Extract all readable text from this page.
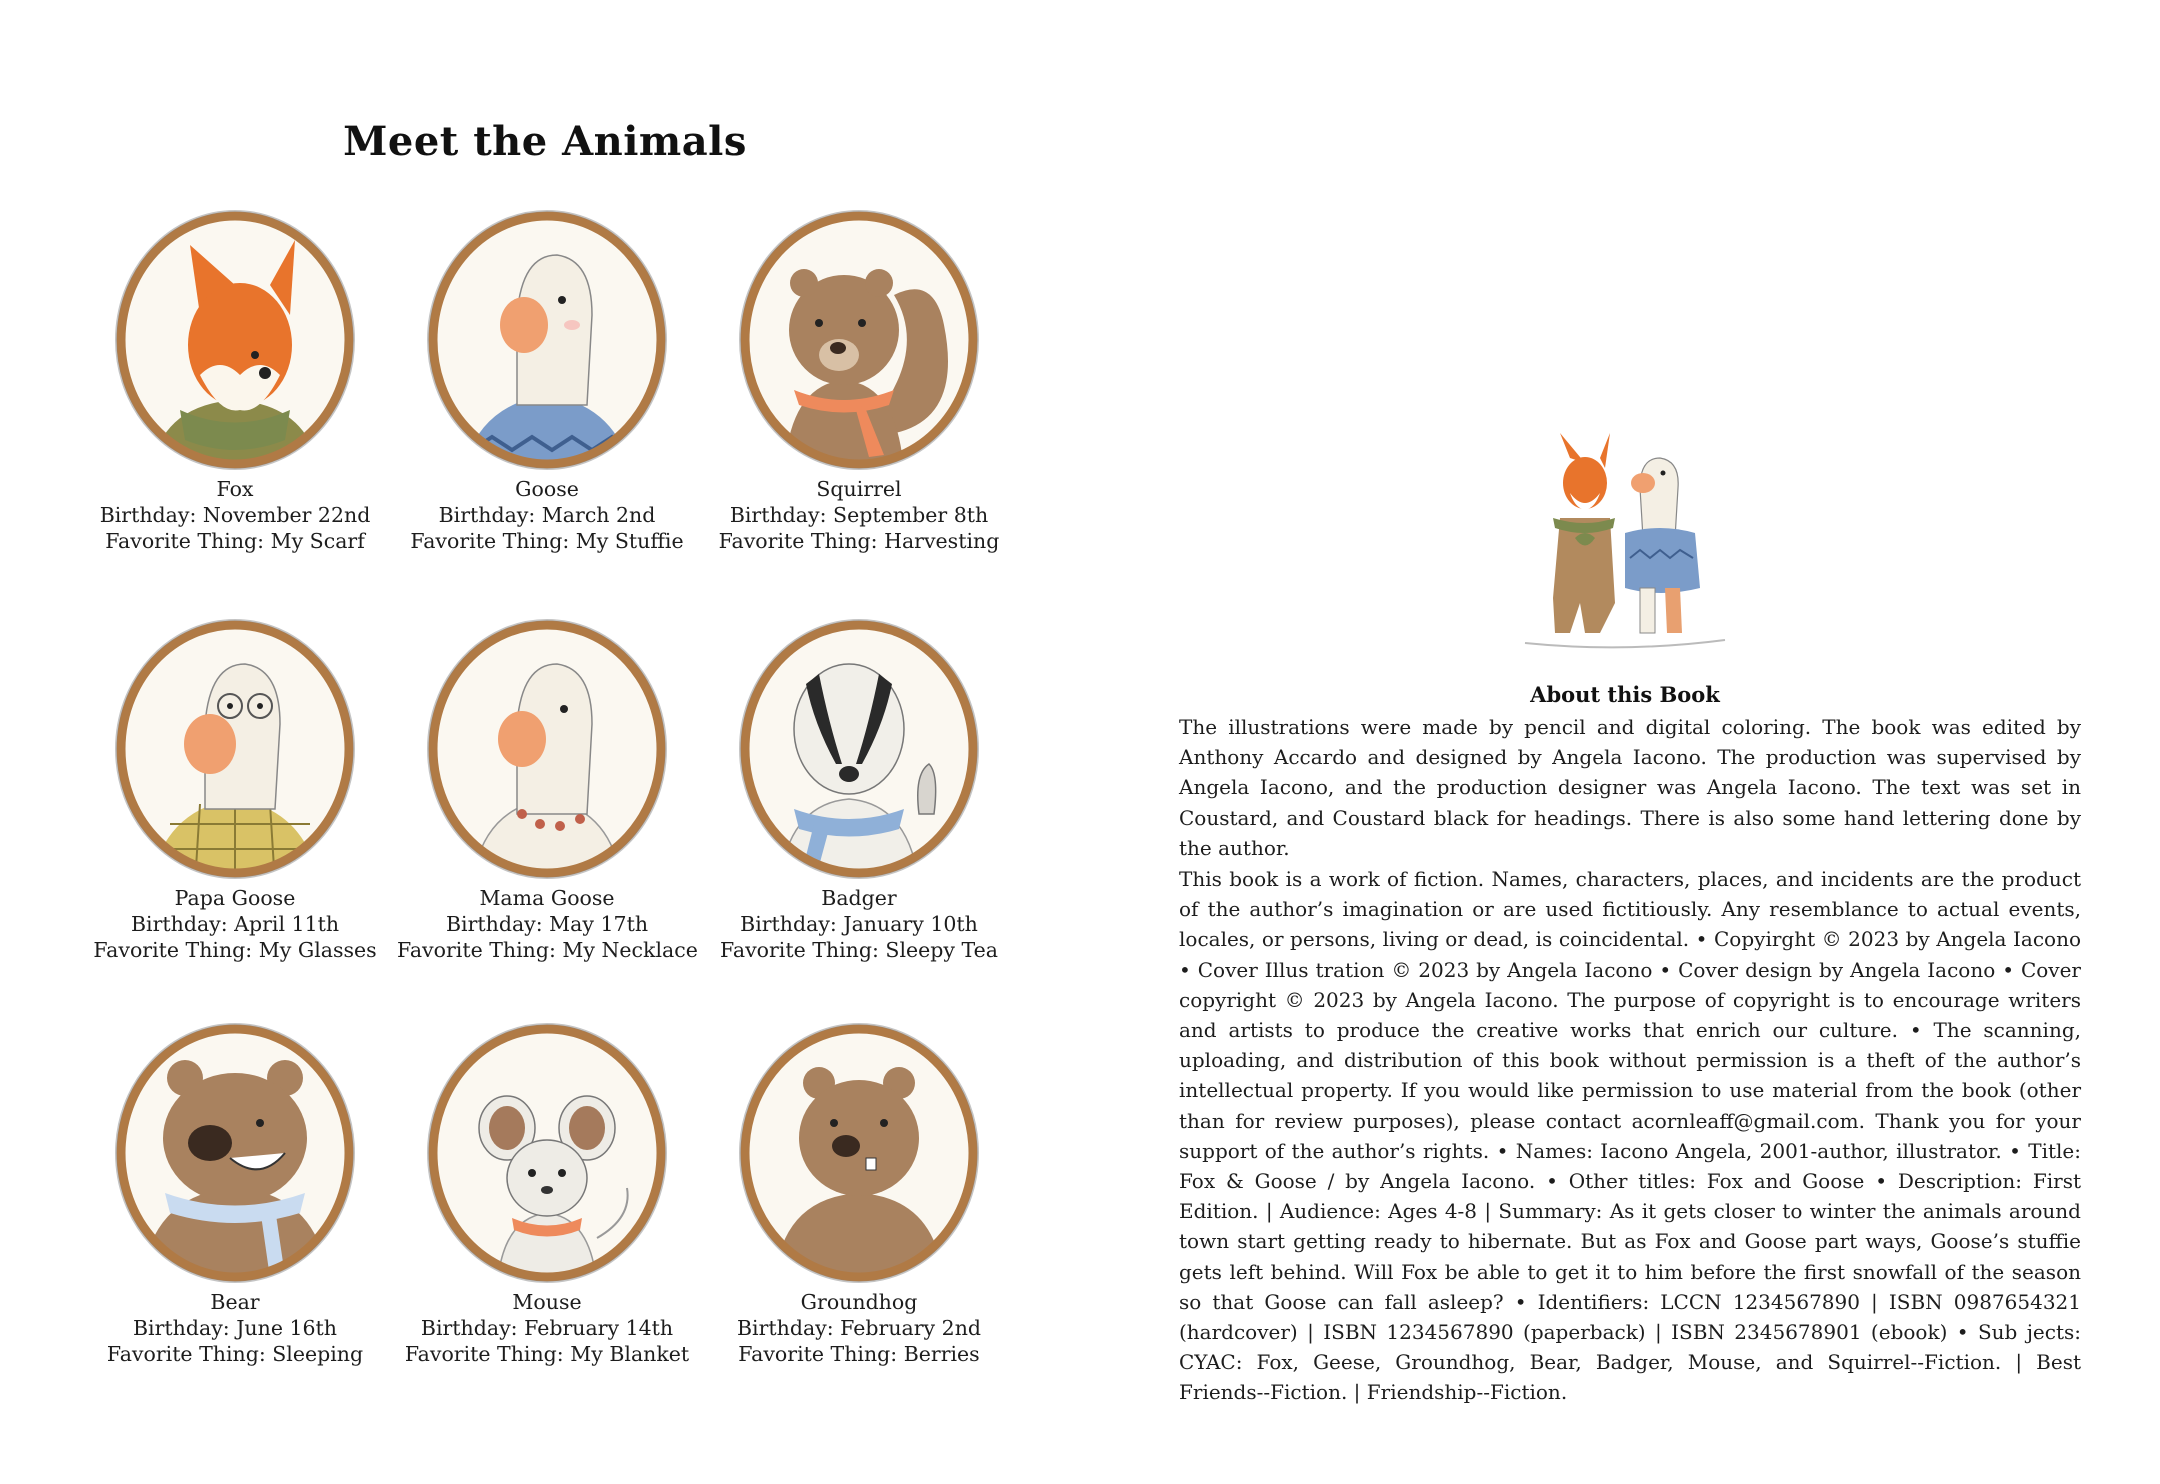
Meet the Animals
Fox
Birthday: November 22nd
Favorite Thing: My Scarf
Goose
Birthday: March 2nd
Favorite Thing: My Stuffie
Squirrel
Birthday: September 8th
Favorite Thing: Harvesting
Papa Goose
Birthday: April 11th
Favorite Thing: My Glasses
Mama Goose
Birthday: May 17th
Favorite Thing: My Necklace
Badger
Birthday: January 10th
Favorite Thing: Sleepy Tea
Bear
Birthday: June 16th
Favorite Thing: Sleeping
Mouse
Birthday: February 14th
Favorite Thing: My Blanket
Groundhog
Birthday: February 2nd
Favorite Thing: Berries
About this Book

The illustrations were made by pencil and digital coloring. The book was edited by Anthony Accardo and designed by Angela Iacono. The production was supervised by Angela Iacono, and the production designer was Angela Iacono. The text was set in Coustard, and Coustard black for headings. There is also some hand lettering done by the author.

This book is a work of fiction. Names, characters, places, and incidents are the product of the author’s imagination or are used fictitiously. Any resemblance to actual events, locales, or persons, living or dead, is coincidental. • Copyirght © 2023 by Angela Iacono • Cover Illus tration © 2023 by Angela Iacono • Cover design by Angela Iacono • Cover copyright © 2023 by Angela Iacono. The purpose of copyright is to encourage writers and artists to produce the creative works that enrich our culture. • The scanning, uploading, and distribution of this book without permission is a theft of the author’s intellectual property. If you would like permission to use material from the book (other than for review purposes), please contact acornleaff@gmail.com. Thank you for your support of the author’s rights. • Names: Iacono Angela, 2001-author, illustrator. • Title: Fox & Goose / by Angela Iacono. • Other titles: Fox and Goose • Description: First Edition. | Audience: Ages 4-8 | Summary: As it gets closer to winter the animals around town start getting ready to hibernate. But as Fox and Goose part ways, Goose’s stuffie gets left behind. Will Fox be able to get it to him before the first snowfall of the season so that Goose can fall asleep? • Identifiers: LCCN 1234567890 | ISBN 0987654321 (hardcover) | ISBN 1234567890 (paperback) | ISBN 2345678901 (ebook) • Sub jects: CYAC: Fox, Geese, Groundhog, Bear, Badger, Mouse, and Squirrel--Fiction. | Best Friends--Fiction. | Friendship--Fiction.
